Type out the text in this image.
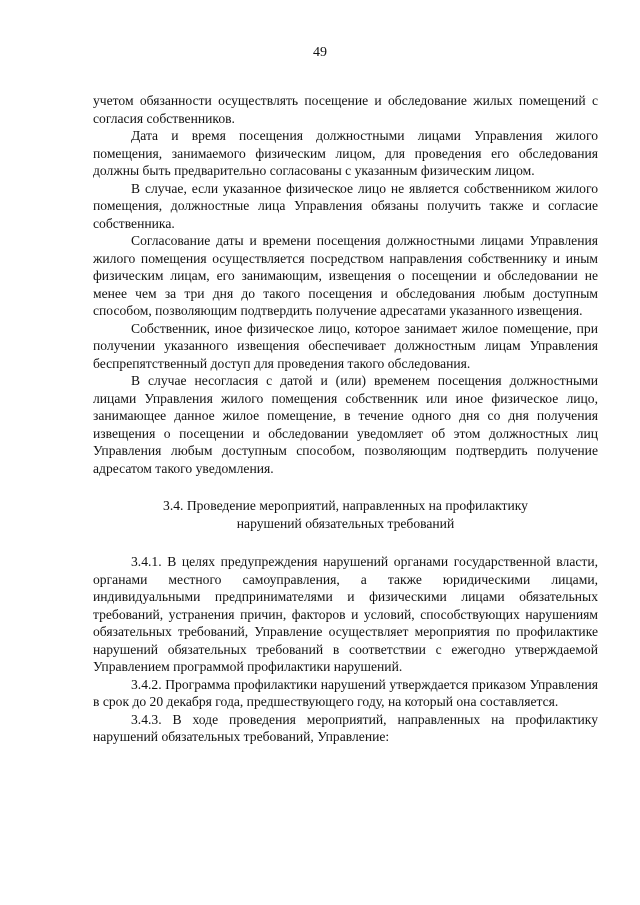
49

учетом обязанности осуществлять посещение и обследование жилых помещений с согласия собственников.

Дата и время посещения должностными лицами Управления жилого помещения, занимаемого физическим лицом, для проведения его обследования должны быть предварительно согласованы с указанным физическим лицом.

В случае, если указанное физическое лицо не является собственником жилого помещения, должностные лица Управления обязаны получить также и согласие собственника.

Согласование даты и времени посещения должностными лицами Управления жилого помещения осуществляется посредством направления собственнику и иным физическим лицам, его занимающим, извещения о посещении и обследовании не менее чем за три дня до такого посещения и обследования любым доступным способом, позволяющим подтвердить получение адресатами указанного извещения.

Собственник, иное физическое лицо, которое занимает жилое помещение, при получении указанного извещения обеспечивает должностным лицам Управления беспрепятственный доступ для проведения такого обследования.

В случае несогласия с датой и (или) временем посещения должностными лицами Управления жилого помещения собственник или иное физическое лицо, занимающее данное жилое помещение, в течение одного дня со дня получения извещения о посещении и обследовании уведомляет об этом должностных лиц Управления любым доступным способом, позволяющим подтвердить получение адресатом такого уведомления.

3.4. Проведение мероприятий, направленных на профилактику
нарушений обязательных требований

3.4.1. В целях предупреждения нарушений органами государственной власти, органами местного самоуправления, а также юридическими лицами, индивидуальными предпринимателями и физическими лицами обязательных требований, устранения причин, факторов и условий, способствующих нарушениям обязательных требований, Управление осуществляет мероприятия по профилактике нарушений обязательных требований в соответствии с ежегодно утверждаемой Управлением программой профилактики нарушений.

3.4.2. Программа профилактики нарушений утверждается приказом Управления в срок до 20 декабря года, предшествующего году, на который она составляется.

3.4.3. В ходе проведения мероприятий, направленных на профилактику нарушений обязательных требований, Управление:
